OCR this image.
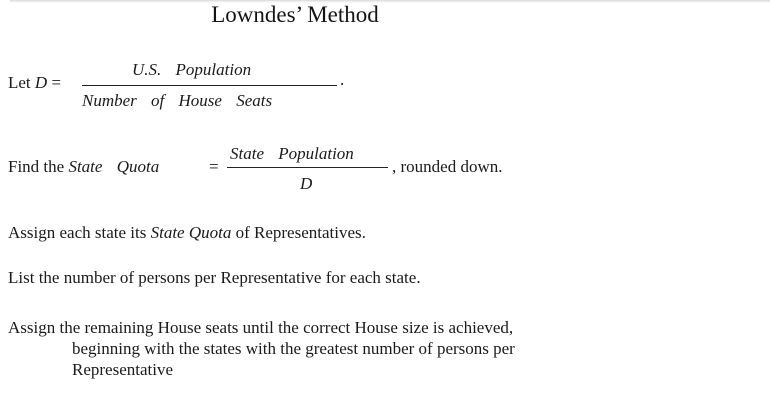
Lowndes’ Method
Let D =
U.S. Population
Number of House Seats
.
Find the State Quota	=
State Population
D
, rounded down.
Assign each state its State Quota of Representatives.
List the number of persons per Representative for each state.
Assign the remaining House seats until the correct House size is achieved,
beginning with the states with the greatest number of persons per
Representative
